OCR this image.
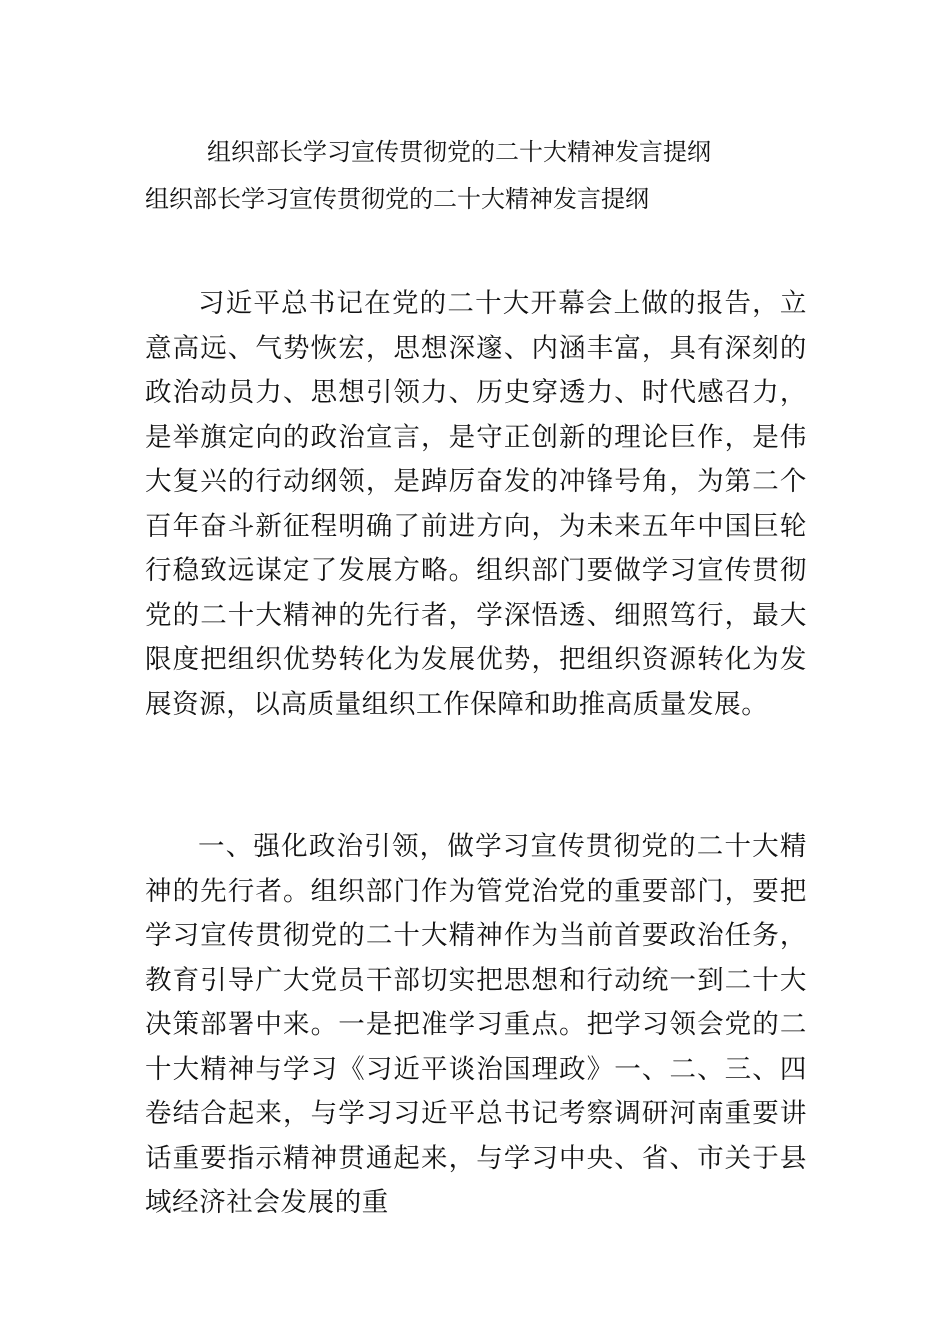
组织部长学习宣传贯彻党的二十大精神发言提纲
组织部长学习宣传贯彻党的二十大精神发言提纲

习近平总书记在党的二十大开幕会上做的报告，立意高远、气势恢宏，思想深邃、内涵丰富，具有深刻的政治动员力、思想引领力、历史穿透力、时代感召力，是举旗定向的政治宣言，是守正创新的理论巨作，是伟大复兴的行动纲领，是踔厉奋发的冲锋号角，为第二个百年奋斗新征程明确了前进方向，为未来五年中国巨轮行稳致远谋定了发展方略。组织部门要做学习宣传贯彻党的二十大精神的先行者，学深悟透、细照笃行，最大限度把组织优势转化为发展优势，把组织资源转化为发展资源，以高质量组织工作保障和助推高质量发展。

一、强化政治引领，做学习宣传贯彻党的二十大精神的先行者。组织部门作为管党治党的重要部门，要把学习宣传贯彻党的二十大精神作为当前首要政治任务，教育引导广大党员干部切实把思想和行动统一到二十大决策部署中来。一是把准学习重点。把学习领会党的二十大精神与学习《习近平谈治国理政》一、二、三、四卷结合起来，与学习习近平总书记考察调研河南重要讲话重要指示精神贯通起来，与学习中央、省、市关于县域经济社会发展的重
